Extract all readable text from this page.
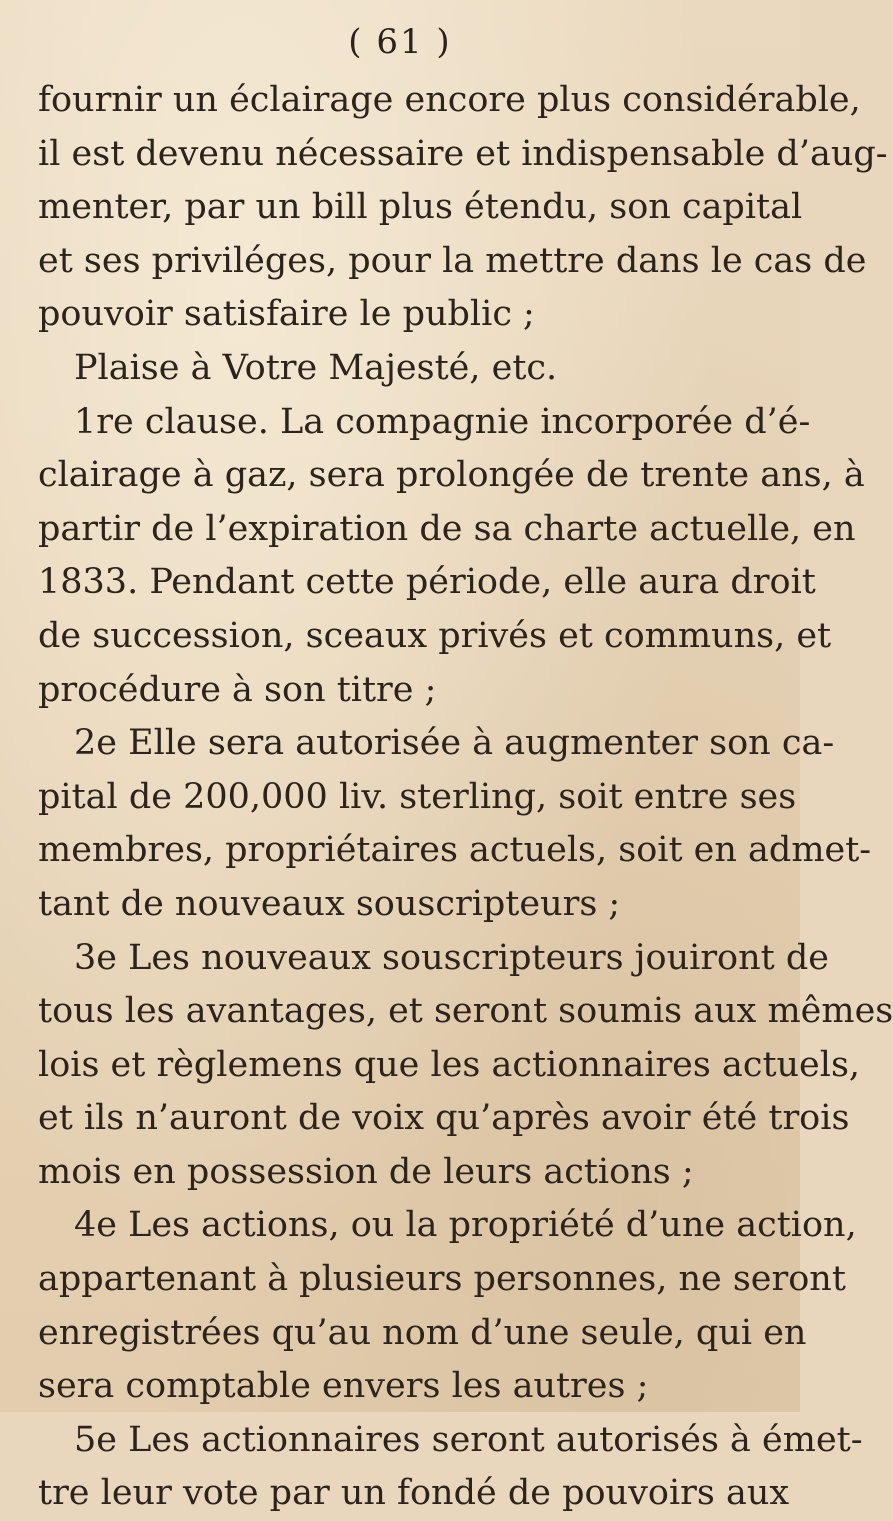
( 61 )
fournir un éclairage encore plus considérable,
il est devenu nécessaire et indispensable d’aug-
menter, par un bill plus étendu, son capital
et ses priviléges, pour la mettre dans le cas de
pouvoir satisfaire le public ;
Plaise à Votre Majesté, etc.
1re clause. La compagnie incorporée d’é-
clairage à gaz, sera prolongée de trente ans, à
partir de l’expiration de sa charte actuelle, en
1833. Pendant cette période, elle aura droit
de succession, sceaux privés et communs, et
procédure à son titre ;
2e Elle sera autorisée à augmenter son ca-
pital de 200,000 liv. sterling, soit entre ses
membres, propriétaires actuels, soit en admet-
tant de nouveaux souscripteurs ;
3e Les nouveaux souscripteurs jouiront de
tous les avantages, et seront soumis aux mêmes
lois et règlemens que les actionnaires actuels,
et ils n’auront de voix qu’après avoir été trois
mois en possession de leurs actions ;
4e Les actions, ou la propriété d’une action,
appartenant à plusieurs personnes, ne seront
enregistrées qu’au nom d’une seule, qui en
sera comptable envers les autres ;
5e Les actionnaires seront autorisés à émet-
tre leur vote par un fondé de pouvoirs aux
